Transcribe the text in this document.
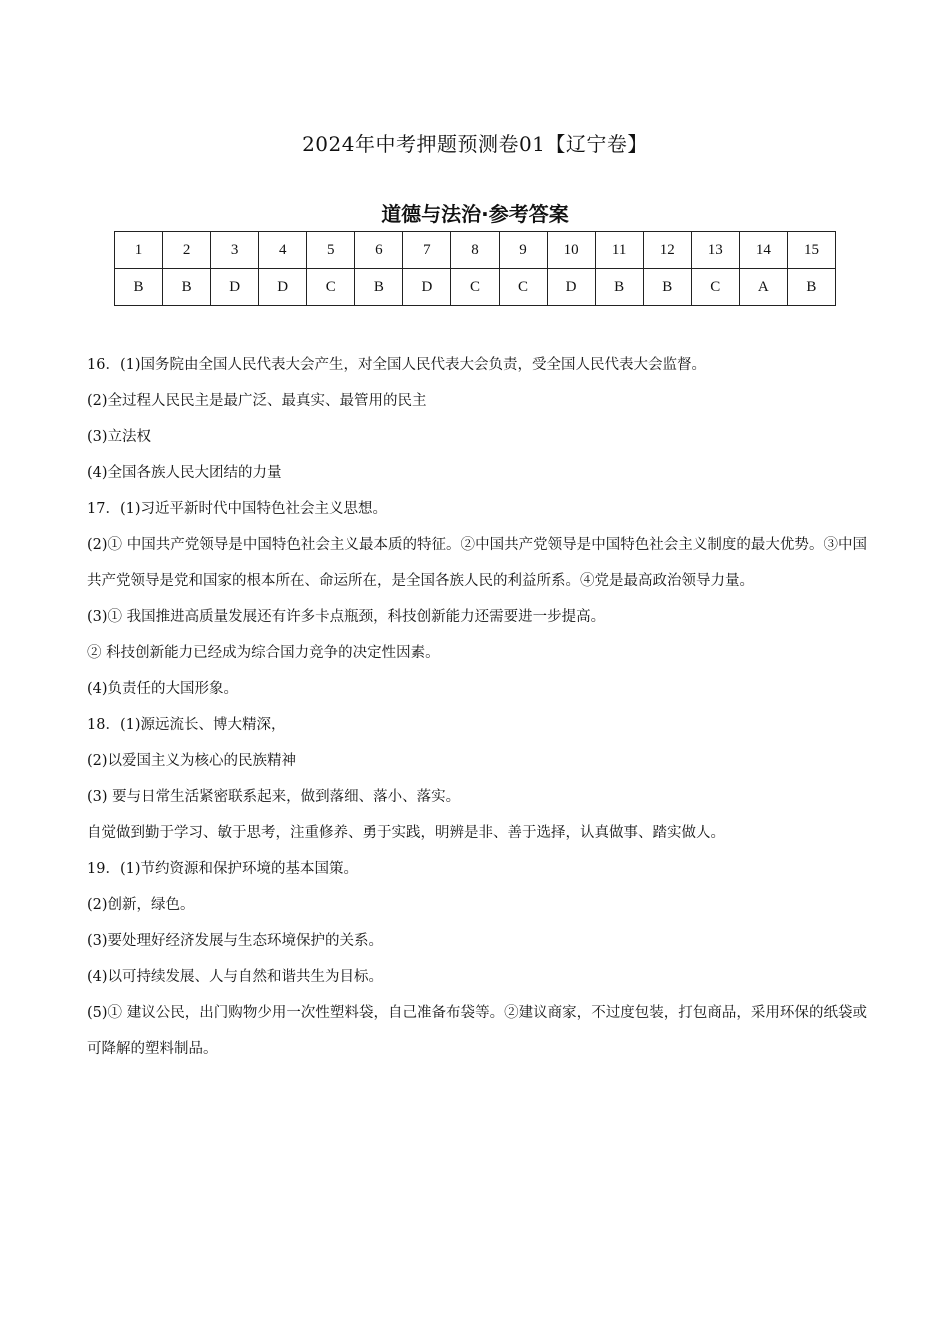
2024年中考押题预测卷01【辽宁卷】
道德与法治·参考答案
1	2	3	4	5	6	7	8	9	10	11	12	13	14	15
B	B	D	D	C	B	D	C	C	D	B	B	C	A	B

16．(1)国务院由全国人民代表大会产生，对全国人民代表大会负责，受全国人民代表大会监督。

(2)全过程人民民主是最广泛、最真实、最管用的民主

(3)立法权

(4)全国各族人民大团结的力量

17．(1)习近平新时代中国特色社会主义思想。

(2)① 中国共产党领导是中国特色社会主义最本质的特征。②中国共产党领导是中国特色社会主义制度的最大优势。③中国共产党领导是党和国家的根本所在、命运所在，是全国各族人民的利益所系。④党是最高政治领导力量。

(3)① 我国推进高质量发展还有许多卡点瓶颈，科技创新能力还需要进一步提高。

② 科技创新能力已经成为综合国力竞争的决定性因素。

(4)负责任的大国形象。

18．(1)源远流长、博大精深，

(2)以爱国主义为核心的民族精神

(3) 要与日常生活紧密联系起来，做到落细、落小、落实。

自觉做到勤于学习、敏于思考，注重修养、勇于实践，明辨是非、善于选择，认真做事、踏实做人。

19．(1)节约资源和保护环境的基本国策。

(2)创新，绿色。

(3)要处理好经济发展与生态环境保护的关系。

(4)以可持续发展、人与自然和谐共生为目标。

(5)① 建议公民，出门购物少用一次性塑料袋，自己准备布袋等。②建议商家，不过度包装，打包商品，采用环保的纸袋或可降解的塑料制品。
